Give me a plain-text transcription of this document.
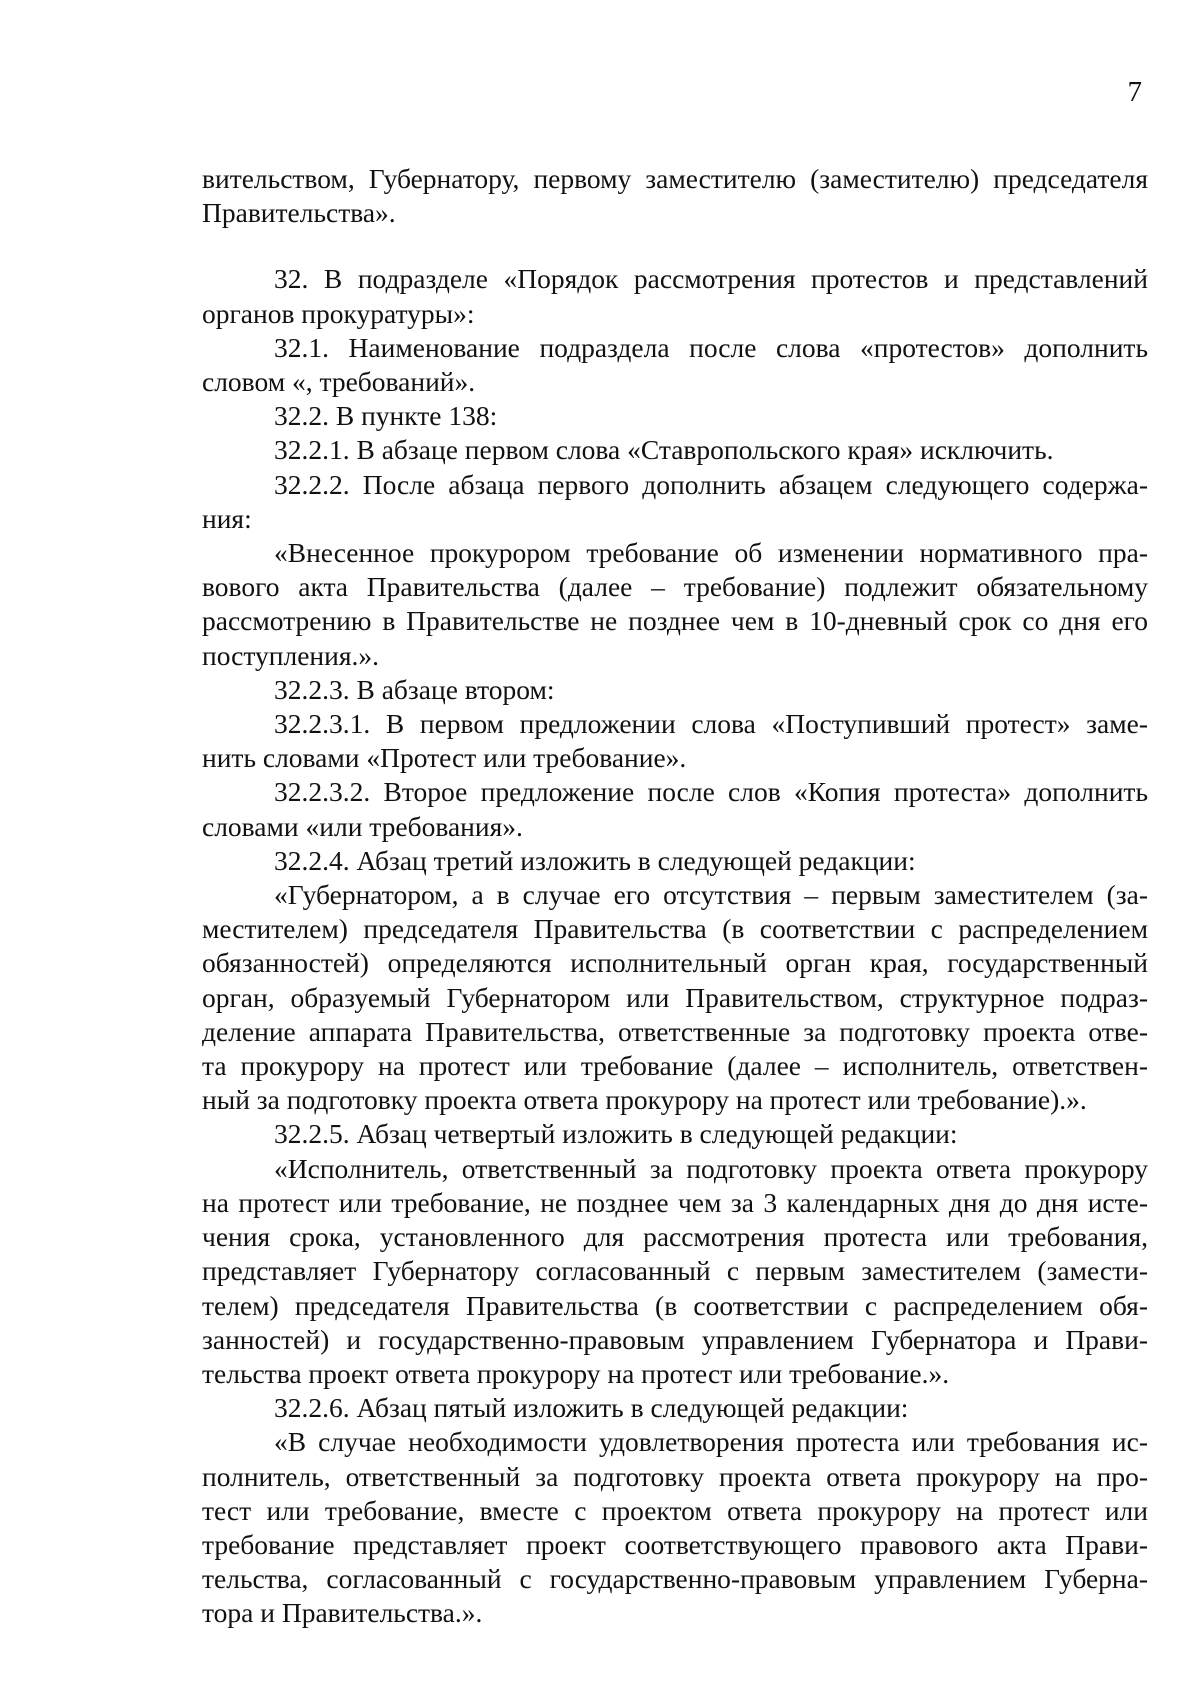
7
вительством, Губернатору, первому заместителю (заместителю) председателя
Правительства».
32. В подразделе «Порядок рассмотрения протестов и представлений
органов прокуратуры»:
32.1. Наименование подраздела после слова «протестов» дополнить
словом «, требований».
32.2. В пункте 138:
32.2.1. В абзаце первом слова «Ставропольского края» исключить.
32.2.2. После абзаца первого дополнить абзацем следующего содержа-
ния:
«Внесенное прокурором требование об изменении нормативного пра-
вового акта Правительства (далее – требование) подлежит обязательному
рассмотрению в Правительстве не позднее чем в 10-дневный срок со дня его
поступления.».
32.2.3. В абзаце втором:
32.2.3.1. В первом предложении слова «Поступивший протест» заме-
нить словами «Протест или требование».
32.2.3.2. Второе предложение после слов «Копия протеста» дополнить
словами «или требования».
32.2.4. Абзац третий изложить в следующей редакции:
«Губернатором, а в случае его отсутствия – первым заместителем (за-
местителем) председателя Правительства (в соответствии с распределением
обязанностей) определяются исполнительный орган края, государственный
орган, образуемый Губернатором или Правительством, структурное подраз-
деление аппарата Правительства, ответственные за подготовку проекта отве-
та прокурору на протест или требование (далее – исполнитель, ответствен-
ный за подготовку проекта ответа прокурору на протест или требование).».
32.2.5. Абзац четвертый изложить в следующей редакции:
«Исполнитель, ответственный за подготовку проекта ответа прокурору
на протест или требование, не позднее чем за 3 календарных дня до дня исте-
чения срока, установленного для рассмотрения протеста или требования,
представляет Губернатору согласованный с первым заместителем (замести-
телем) председателя Правительства (в соответствии с распределением обя-
занностей) и государственно-правовым управлением Губернатора и Прави-
тельства проект ответа прокурору на протест или требование.».
32.2.6. Абзац пятый изложить в следующей редакции:
«В случае необходимости удовлетворения протеста или требования ис-
полнитель, ответственный за подготовку проекта ответа прокурору на про-
тест или требование, вместе с проектом ответа прокурору на протест или
требование представляет проект соответствующего правового акта Прави-
тельства, согласованный с государственно-правовым управлением Губерна-
тора и Правительства.».
